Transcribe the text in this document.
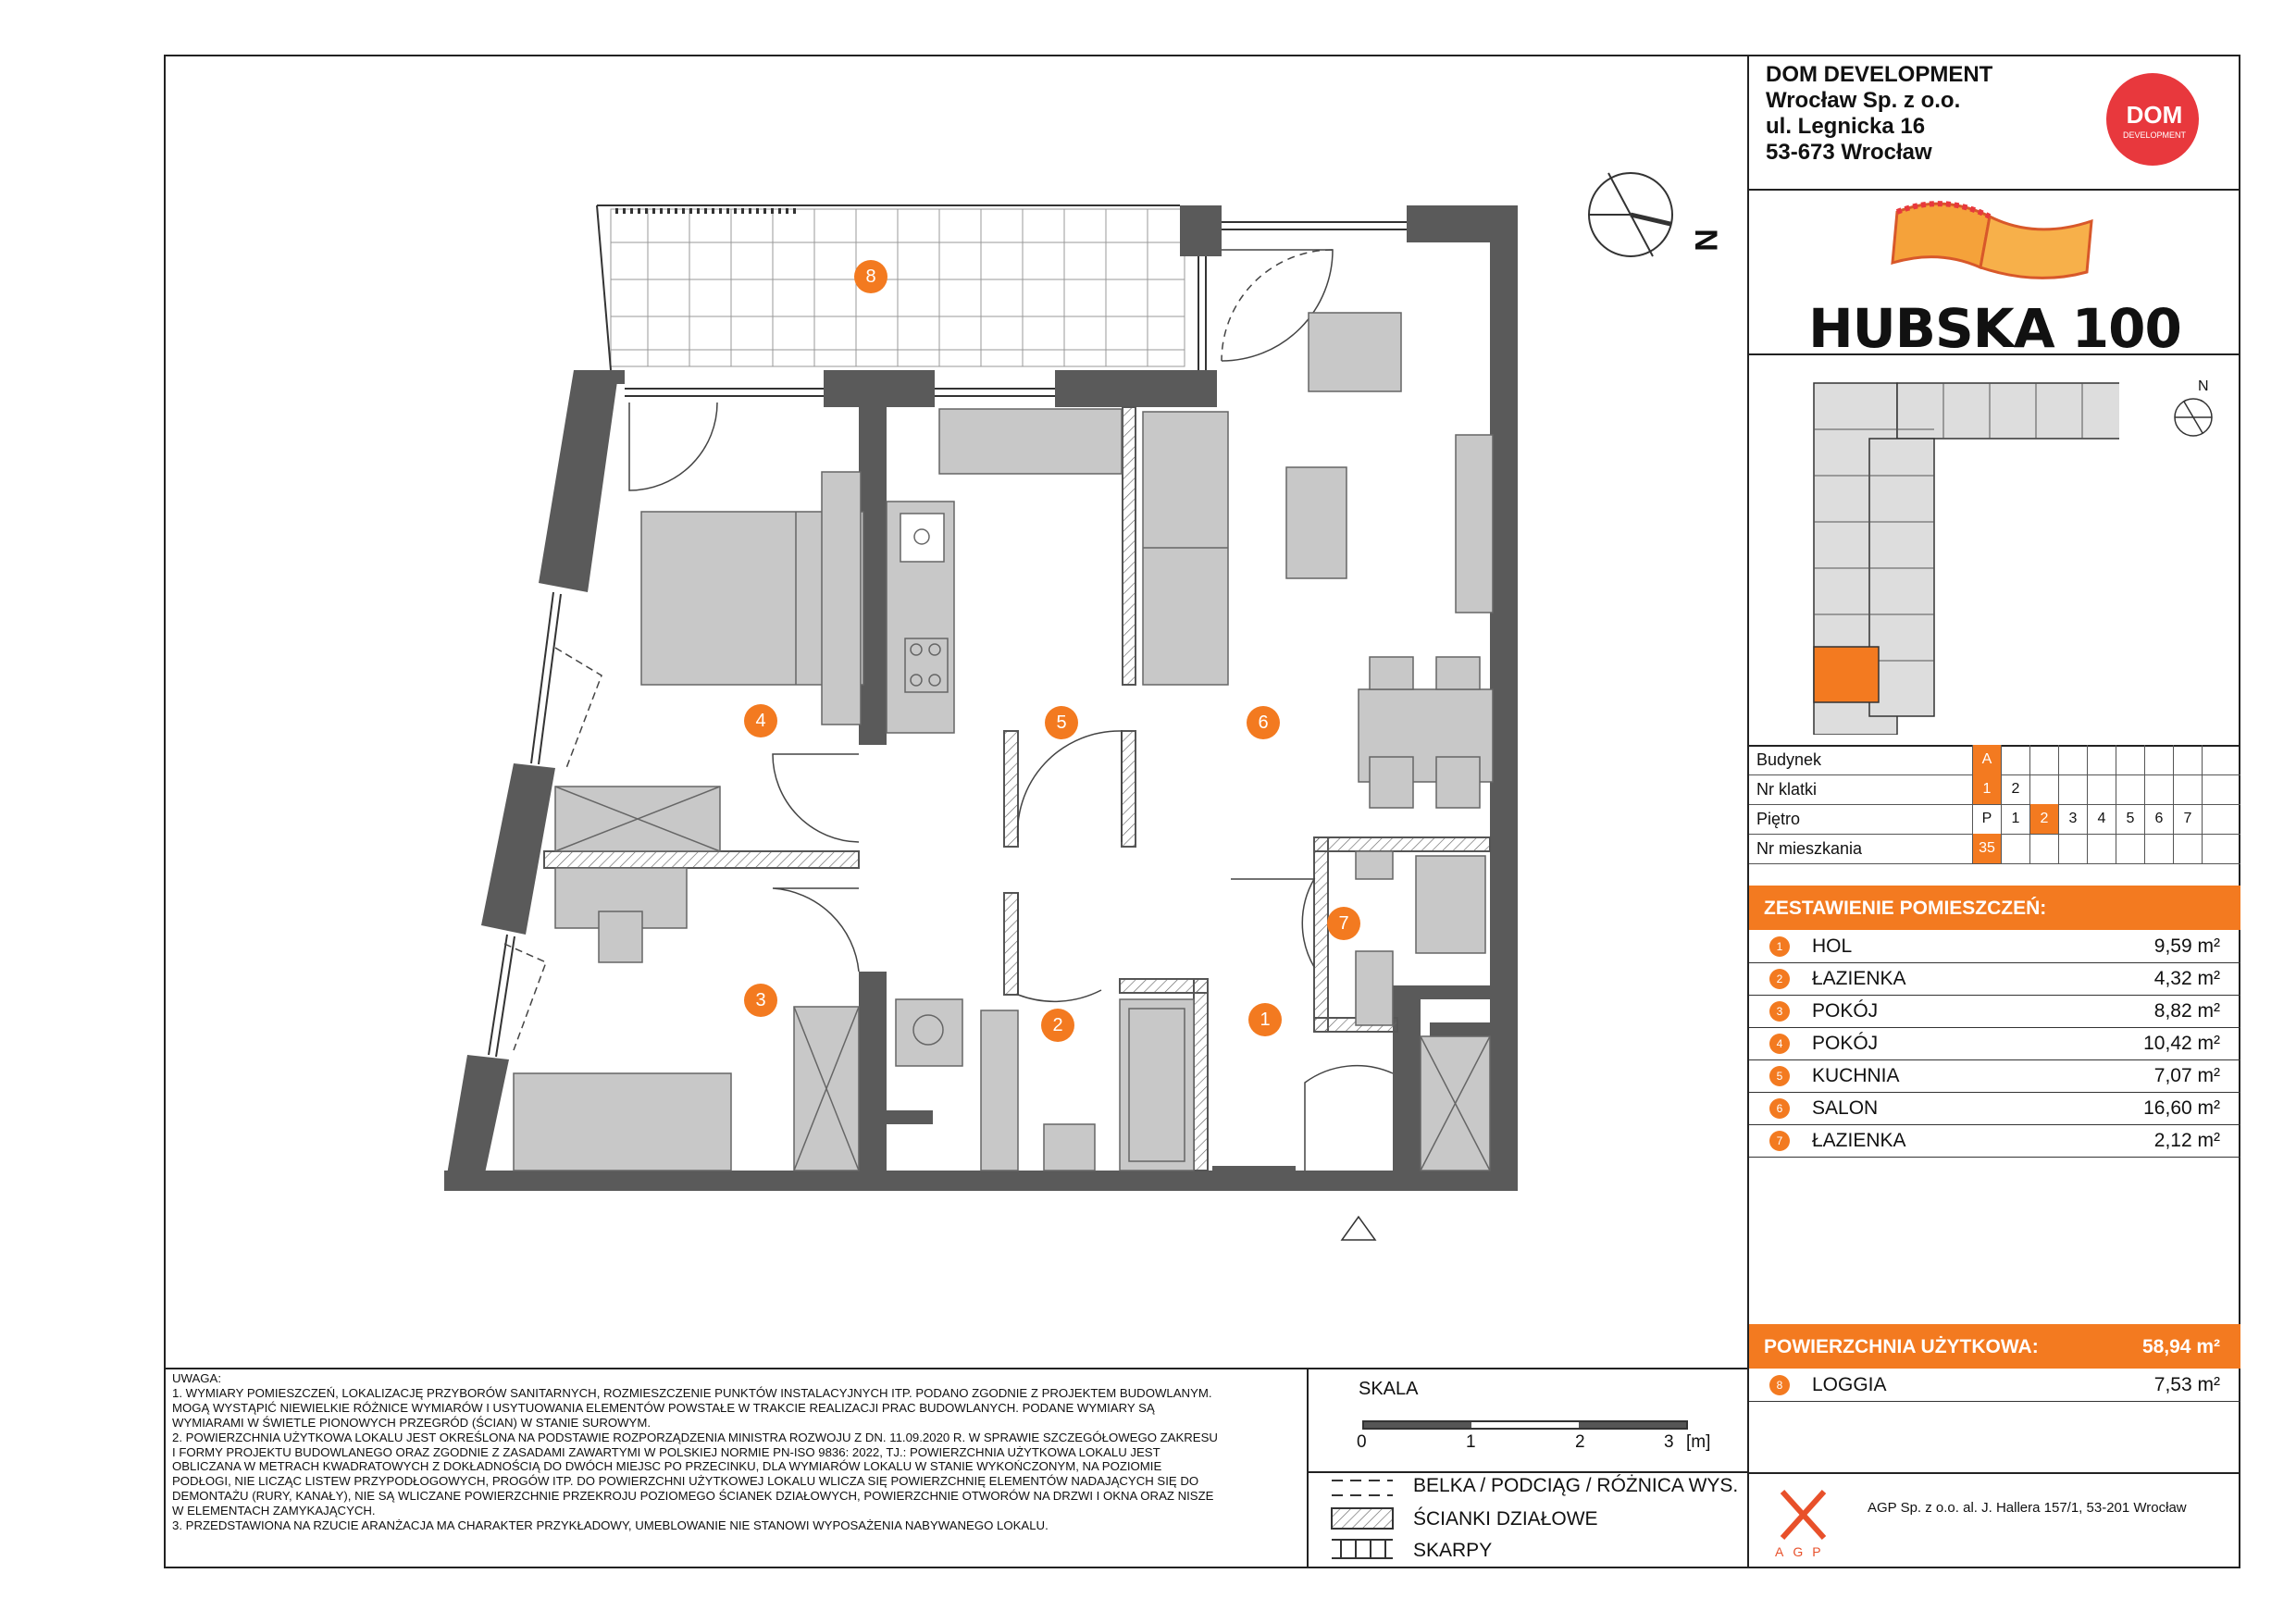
N
8
4	5	6
3
7
2	1
DOM DEVELOPMENT
Wrocław Sp. z o.o.
ul. Legnicka 16
53-673 Wrocław
DOM
DEVELOPMENT
HUBSKA 100
N
Budynek	A
Nr klatki	1	2
Piętro	P	1	2	3	4	5	6	7
Nr mieszkania	35
ZESTAWIENIE POMIESZCZEŃ:
1	HOL	9,59 m²
2	ŁAZIENKA	4,32 m²
3	POKÓJ	8,82 m²
4	POKÓJ	10,42 m²
5	KUCHNIA	7,07 m²
6	SALON	16,60 m²
7	ŁAZIENKA	2,12 m²
POWIERZCHNIA UŻYTKOWA:	58,94 m²
8	LOGGIA	7,53 m²
AGP
AGP Sp. z o.o. al. J. Hallera 157/1, 53-201 Wrocław
UWAGA:
1. WYMIARY POMIESZCZEŃ, LOKALIZACJĘ PRZYBORÓW SANITARNYCH, ROZMIESZCZENIE PUNKTÓW INSTALACYJNYCH ITP. PODANO ZGODNIE Z PROJEKTEM BUDOWLANYM.
MOGĄ WYSTĄPIĆ NIEWIELKIE RÓŻNICE WYMIARÓW I USYTUOWANIA ELEMENTÓW POWSTAŁE W TRAKCIE REALIZACJI PRAC BUDOWLANYCH. PODANE WYMIARY SĄ
WYMIARAMI W ŚWIETLE PIONOWYCH PRZEGRÓD (ŚCIAN) W STANIE SUROWYM.
2. POWIERZCHNIA UŻYTKOWA LOKALU JEST OKREŚLONA NA PODSTAWIE ROZPORZĄDZENIA MINISTRA ROZWOJU Z DN. 11.09.2020 R. W SPRAWIE SZCZEGÓŁOWEGO ZAKRESU
I FORMY PROJEKTU BUDOWLANEGO ORAZ ZGODNIE Z ZASADAMI ZAWARTYMI W POLSKIEJ NORMIE PN-ISO 9836: 2022, TJ.: POWIERZCHNIA UŻYTKOWA LOKALU JEST
OBLICZANA W METRACH KWADRATOWYCH Z DOKŁADNOŚCIĄ DO DWÓCH MIEJSC PO PRZECINKU, DLA WYMIARÓW LOKALU W STANIE WYKOŃCZONYM, NA POZIOMIE
PODŁOGI, NIE LICZĄC LISTEW PRZYPODŁOGOWYCH, PROGÓW ITP. DO POWIERZCHNI UŻYTKOWEJ LOKALU WLICZA SIĘ POWIERZCHNIĘ ELEMENTÓW NADAJĄCYCH SIĘ DO
DEMONTAŻU (RURY, KANAŁY), NIE SĄ WLICZANE POWIERZCHNIE PRZEKROJU POZIOMEGO ŚCIANEK DZIAŁOWYCH, POWIERZCHNIE OTWORÓW NA DRZWI I OKNA ORAZ NISZE
W ELEMENTACH ZAMYKAJĄCYCH.
3. PRZEDSTAWIONA NA RZUCIE ARANŻACJA MA CHARAKTER PRZYKŁADOWY, UMEBLOWANIE NIE STANOWI WYPOSAŻENIA NABYWANEGO LOKALU.
SKALA
0	1	2	3 [m]
BELKA / PODCIĄG / RÓŻNICA WYS.
ŚCIANKI DZIAŁOWE
SKARPY
